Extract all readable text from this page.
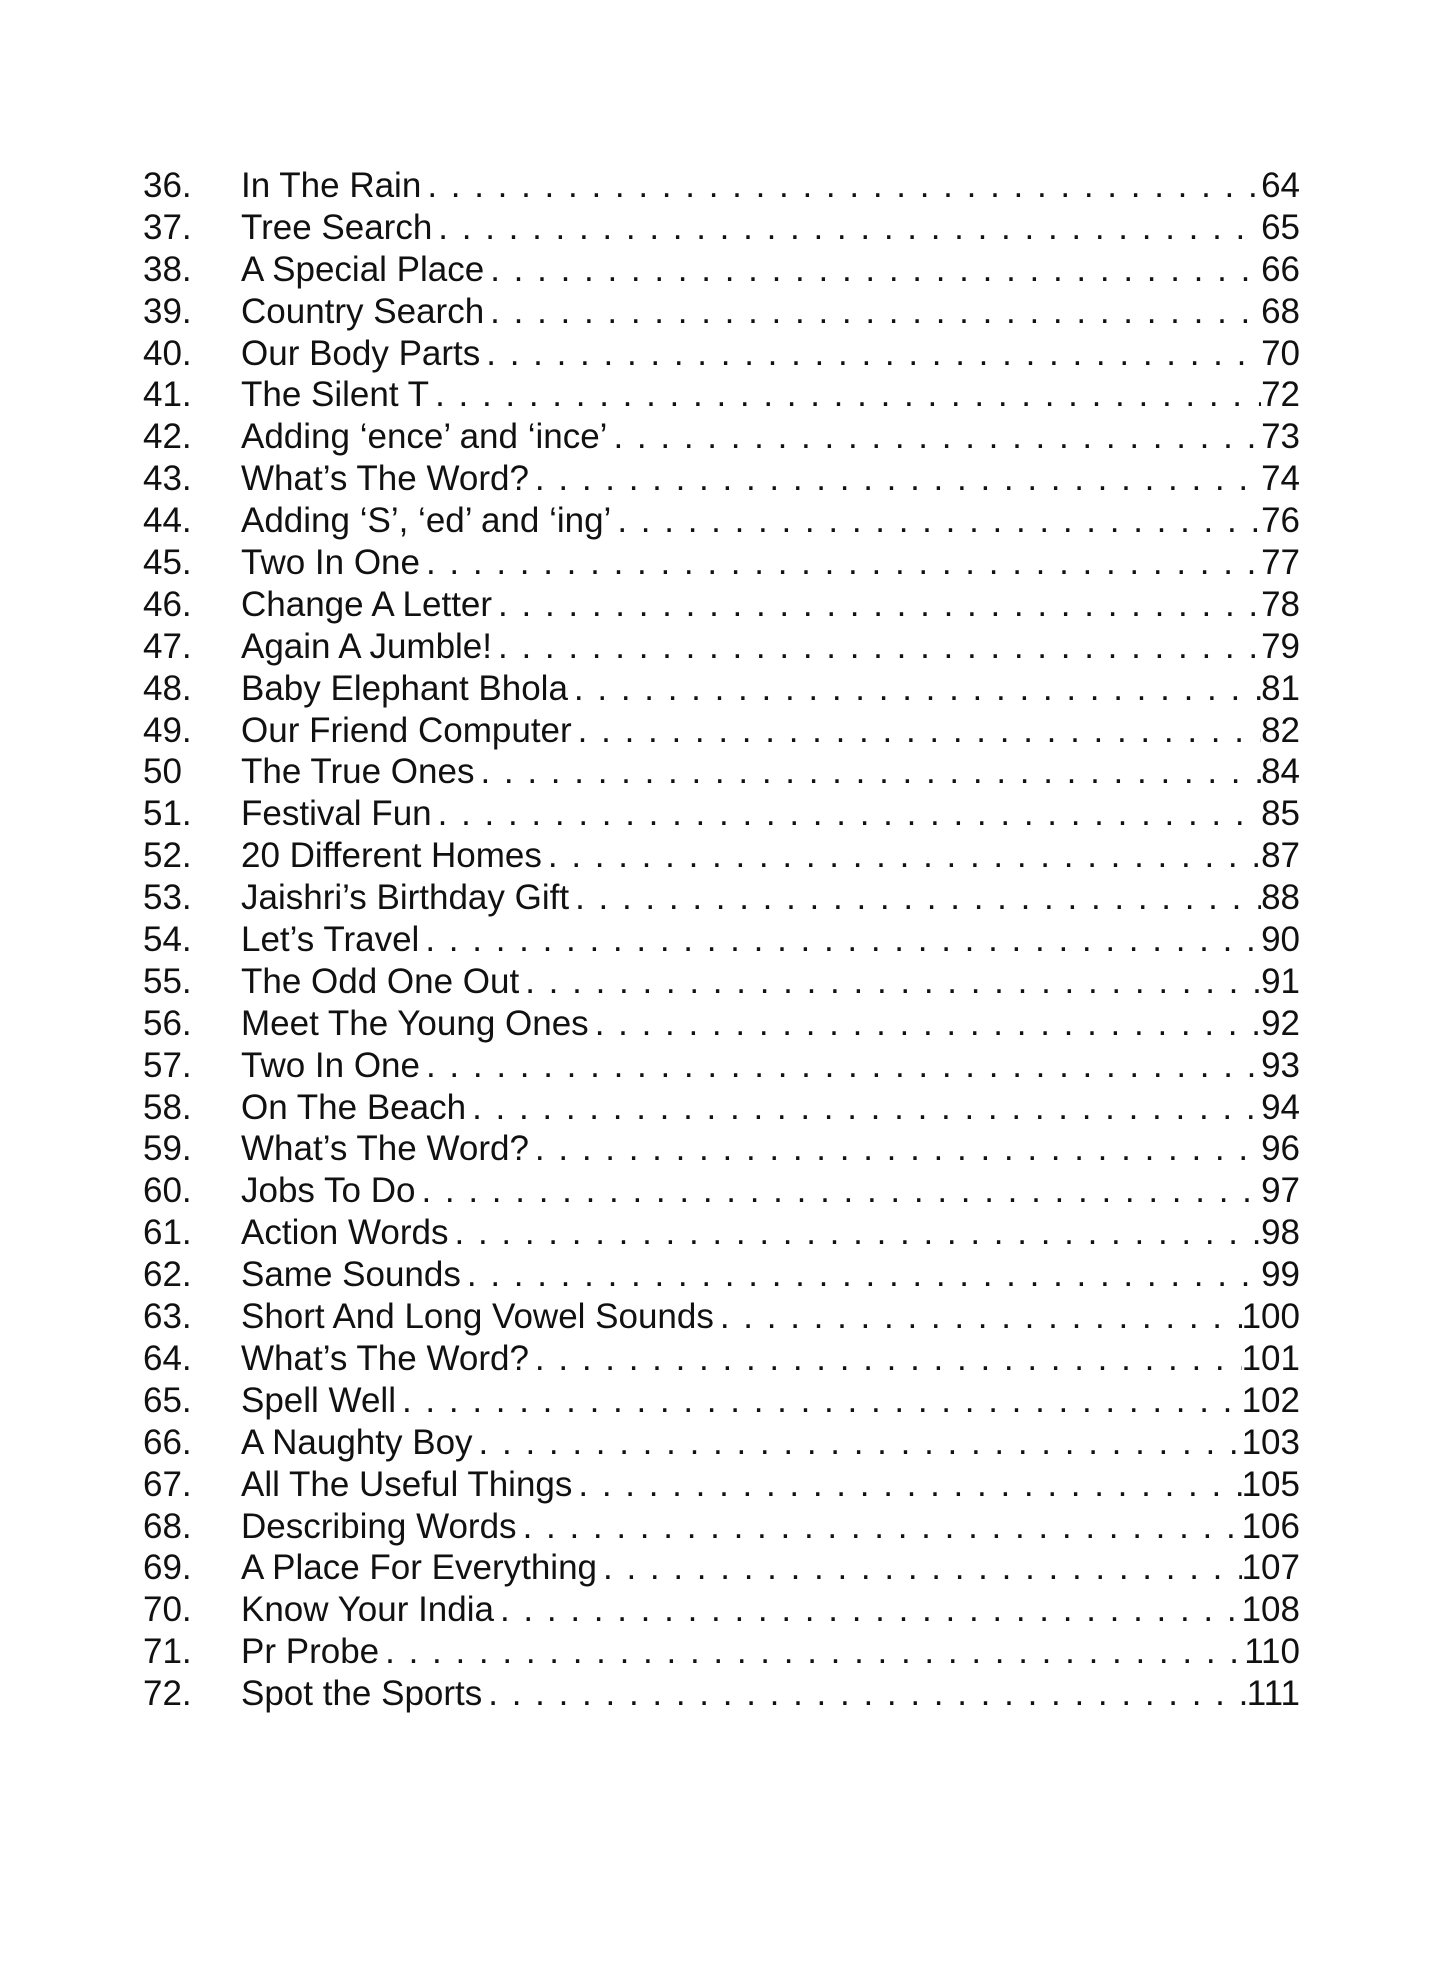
36.	In The Rain . . .	64
37.	Tree Search . . .	65
38.	A Special Place . . .	66
39.	Country Search . . .	68
40.	Our Body Parts . . .	70
41.	The Silent T . . .	72
42.	Adding ‘ence’ and ‘ince’ . . .	73
43.	What’s The Word? . . .	74
44.	Adding ‘S’, ‘ed’ and ‘ing’ . . .	76
45.	Two In One . . .	77
46.	Change A Letter . . .	78
47.	Again A Jumble! . . .	79
48.	Baby Elephant Bhola . . .	81
49.	Our Friend Computer . . .	82
50	The True Ones . . .	84
51.	Festival Fun . . .	85
52.	20 Different Homes . . .	87
53.	Jaishri’s Birthday Gift . . .	88
54.	Let’s Travel . . .	90
55.	The Odd One Out . . .	91
56.	Meet The Young Ones . . .	92
57.	Two In One . . .	93
58.	On The Beach . . .	94
59.	What’s The Word? . . .	96
60.	Jobs To Do . . .	97
61.	Action Words . . .	98
62.	Same Sounds . . .	99
63.	Short And Long Vowel Sounds . . .	100
64.	What’s The Word? . . .	101
65.	Spell Well . . .	102
66.	A Naughty Boy . . .	103
67.	All The Useful Things . . .	105
68.	Describing Words . . .	106
69.	A Place For Everything . . .	107
70.	Know Your India . . .	108
71.	Pr Probe . . .	110
72.	Spot the Sports . . .	111
